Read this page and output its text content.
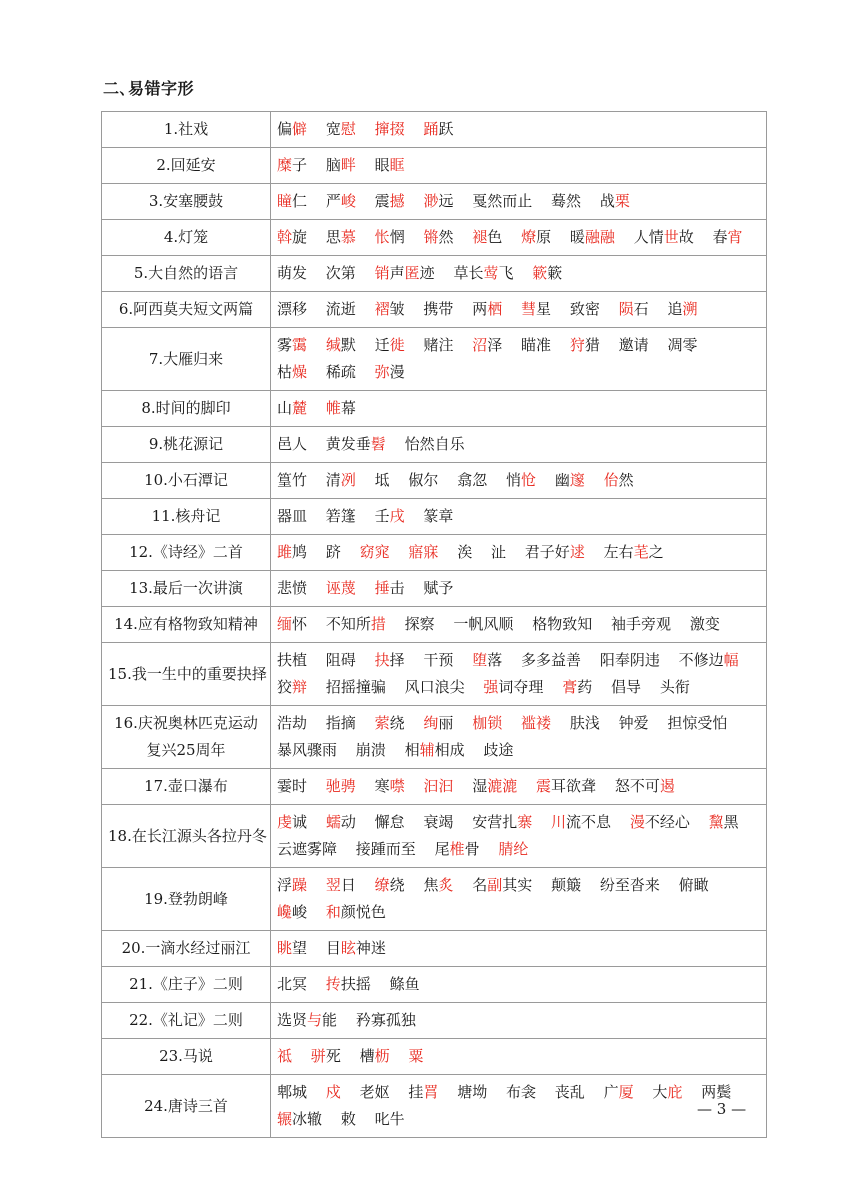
二､易错字形
1.社戏	偏僻 宽慰 撺掇 踊跃
2.回延安	糜子 脑畔 眼眶
3.安塞腰鼓	瞳仁 严峻 震撼 渺远 戛然而止 蓦然 战栗
4.灯笼	斡旋 思慕 怅惘 锵然 褪色 燎原 暖融融 人情世故 春宵
5.大自然的语言	萌发 次第 销声匿迹 草长莺飞 簌簌
6.阿西莫夫短文两篇	漂移 流逝 褶皱 携带 两栖 彗星 致密 陨石 追溯
7.大雁归来	雾霭 缄默 迁徙 赌注 沼泽 瞄准 狩猎 邀请 凋零 枯燥 稀疏 弥漫
8.时间的脚印	山麓 帷幕
9.桃花源记	邑人 黄发垂髫 怡然自乐
10.小石潭记	篁竹 清冽 坻 俶尔 翕忽 悄怆 幽邃 佁然
11.核舟记	器皿 箬篷 壬戌 篆章
12.《诗经》二首	雎鸠 跻 窈窕 寤寐 涘 沚 君子好逑 左右芼之
13.最后一次讲演	悲愤 诬蔑 捶击 赋予
14.应有格物致知精神	缅怀 不知所措 探察 一帆风顺 格物致知 袖手旁观 激变
15.我一生中的重要抉择	扶植 阻碍 抉择 干预 堕落 多多益善 阳奉阴违 不修边幅 狡辩 招摇撞骗 风口浪尖 强词夺理 膏药 倡导 头衔
16.庆祝奥林匹克运动复兴25周年	浩劫 指摘 萦绕 绚丽 枷锁 褴褛 肤浅 钟爱 担惊受怕 暴风骤雨 崩溃 相辅相成 歧途
17.壶口瀑布	霎时 驰骋 寒噤 汩汩 湿漉漉 震耳欲聋 怒不可遏
18.在长江源头各拉丹冬	虔诚 蠕动 懈怠 衰竭 安营扎寨 川流不息 漫不经心 黧黑 云遮雾障 接踵而至 尾椎骨 腈纶
19.登勃朗峰	浮躁 翌日 缭绕 焦炙 名副其实 颠簸 纷至沓来 俯瞰 巉峻 和颜悦色
20.一滴水经过丽江	眺望 目眩神迷
21.《庄子》二则	北冥 抟扶摇 鲦鱼
22.《礼记》二则	选贤与能 矜寡孤独
23.马说	祗 骈死 槽枥 粟
24.唐诗三首	郫城 戍 老妪 挂罥 塘坳 布衾 丧乱 广厦 大庇 两鬓 辗冰辙 敕 叱牛
— 3 —
